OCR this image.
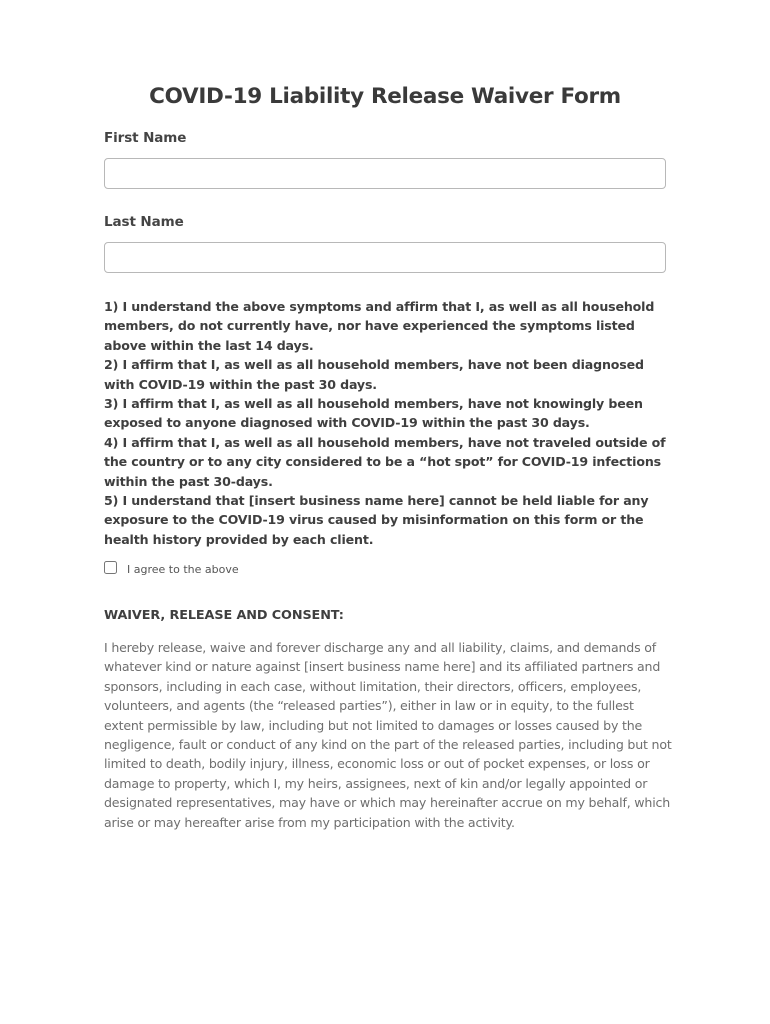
COVID-19 Liability Release Waiver Form
First Name
Last Name

1) I understand the above symptoms and affirm that I, as well as all household members, do not currently have, nor have experienced the symptoms listed above within the last 14 days.

2) I affirm that I, as well as all household members, have not been diagnosed with COVID-19 within the past 30 days.

3) I affirm that I, as well as all household members, have not knowingly been exposed to anyone diagnosed with COVID-19 within the past 30 days.

4) I affirm that I, as well as all household members, have not traveled outside of the country or to any city considered to be a “hot spot” for COVID-19 infections within the past 30-days.

5) I understand that [insert business name here] cannot be held liable for any exposure to the COVID-19 virus caused by misinformation on this form or the health history provided by each client.

I agree to the above
WAIVER, RELEASE AND CONSENT:

I hereby release, waive and forever discharge any and all liability, claims, and demands of whatever kind or nature against [insert business name here] and its affiliated partners and sponsors, including in each case, without limitation, their directors, officers, employees, volunteers, and agents (the “released parties”), either in law or in equity, to the fullest extent permissible by law, including but not limited to damages or losses caused by the negligence, fault or conduct of any kind on the part of the released parties, including but not limited to death, bodily injury, illness, economic loss or out of pocket expenses, or loss or damage to property, which I, my heirs, assignees, next of kin and/or legally appointed or designated representatives, may have or which may hereinafter accrue on my behalf, which arise or may hereafter arise from my participation with the activity.
